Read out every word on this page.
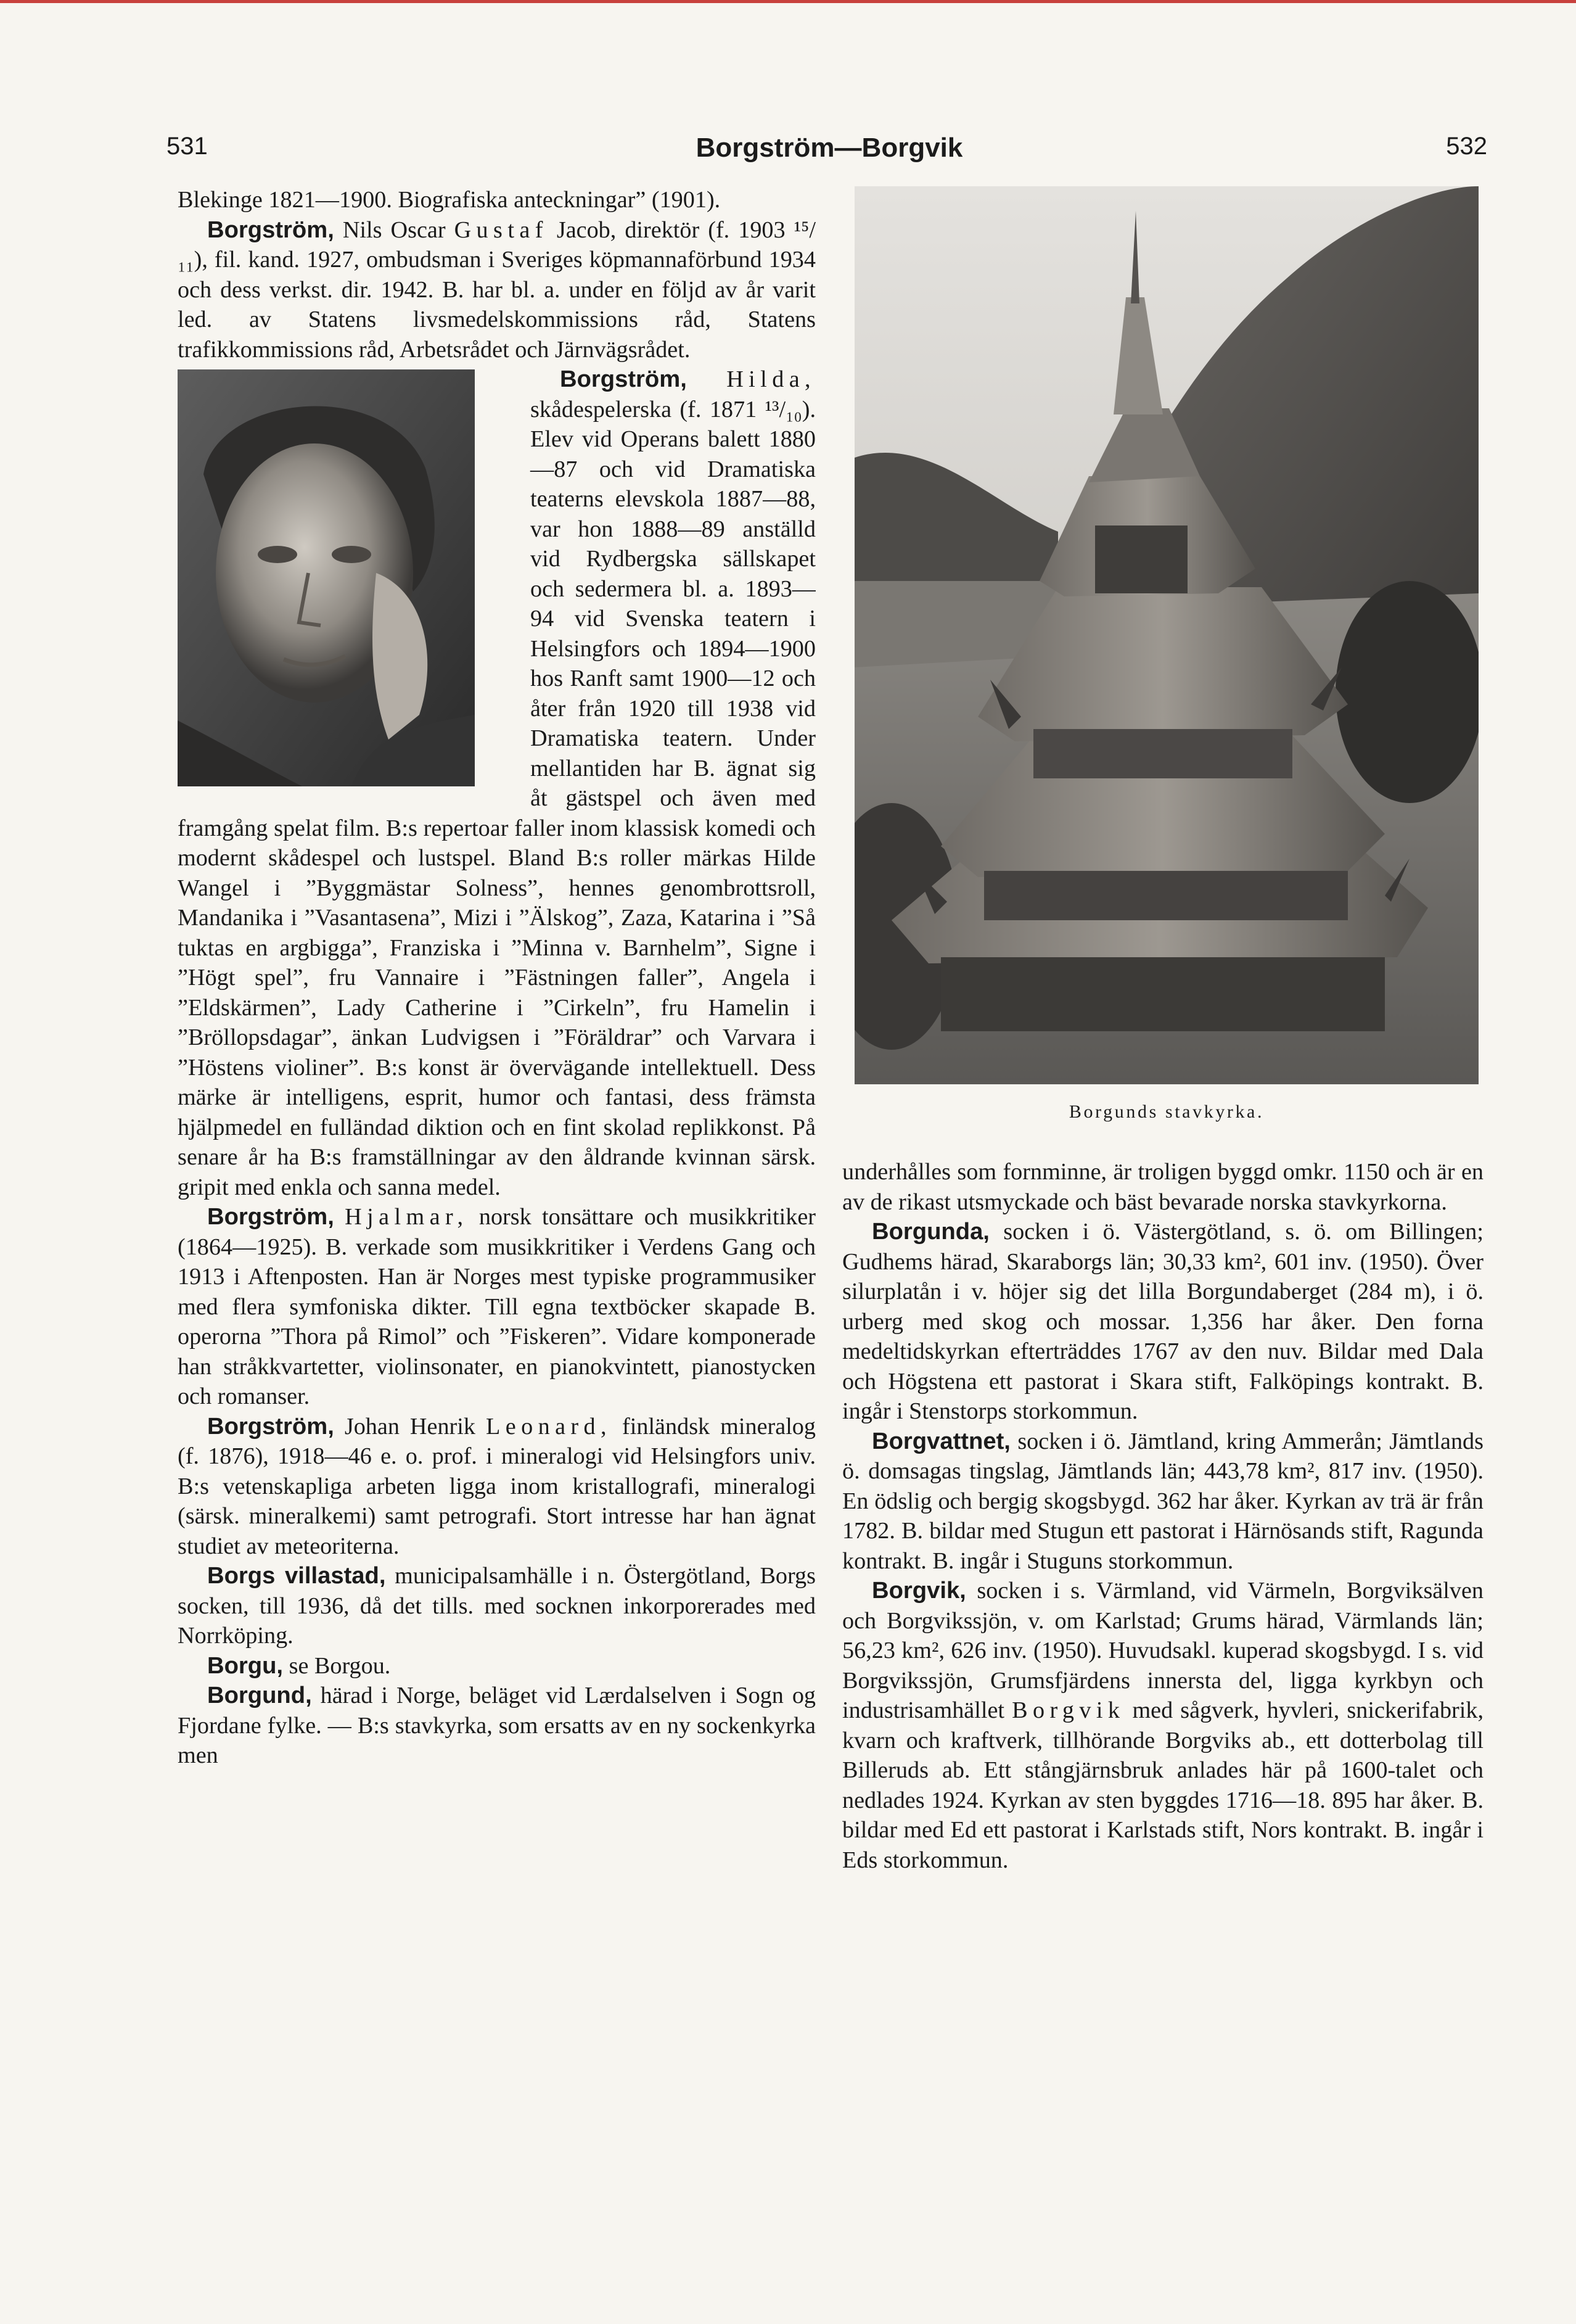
531	Borgström—Borgvik	532

Blekinge 1821—1900. Biografiska anteckningar” (1901).

Borgström, Nils Oscar Gustaf Jacob, direktör (f. 1903 ¹⁵/₁₁), fil. kand. 1927, ombudsman i Sveriges köpmannaförbund 1934 och dess verkst. dir. 1942. B. har bl. a. under en följd av år varit led. av Statens livsmedelskommissions råd, Statens trafikkommissions råd, Arbetsrådet och Järnvägsrådet.

Borgström, Hilda,
skådespelerska (f. 1871 ¹³/₁₀). Elev vid Operans balett 1880—87 och vid Dramatiska teaterns elevskola 1887—88, var hon 1888—89 anställd vid Rydbergska sällskapet och sedermera bl. a. 1893—94 vid Svenska teatern i Helsingfors och 1894—1900 hos Ranft samt 1900—12 och åter från 1920 till 1938 vid Dramatiska teatern. Under mellantiden har B. ägnat sig åt gästspel och även med framgång spelat film. B:s repertoar faller inom klassisk komedi och modernt skådespel och lustspel. Bland B:s roller märkas Hilde Wangel i ”Byggmästar Solness”, hennes genombrottsroll, Mandanika i ”Vasantasena”, Mizi i ”Älskog”, Zaza, Katarina i ”Så tuktas en argbigga”, Franziska i ”Minna v. Barnhelm”, Signe i ”Högt spel”, fru Vannaire i ”Fästningen faller”, Angela i ”Eldskärmen”, Lady Catherine i ”Cirkeln”, fru Hamelin i ”Bröllopsdagar”, änkan Ludvigsen i ”Föräldrar” och Varvara i ”Höstens violiner”. B:s konst är övervägande intellektuell. Dess märke är intelligens, esprit, humor och fantasi, dess främsta hjälpmedel en fulländad diktion och en fint skolad replikkonst. På senare år ha B:s framställningar av den åldrande kvinnan särsk. gripit med enkla och sanna medel.

Borgström, Hjalmar, norsk tonsättare och musikkritiker (1864—1925). B. verkade som musikkritiker i Verdens Gang och 1913 i Aftenposten. Han är Norges mest typiske programmusiker med flera symfoniska dikter. Till egna textböcker skapade B. operorna ”Thora på Rimol” och ”Fiskeren”. Vidare komponerade han stråkkvartetter, violinsonater, en pianokvintett, pianostycken och romanser.

Borgström, Johan Henrik Leonard, finländsk mineralog (f. 1876), 1918—46 e. o. prof. i mineralogi vid Helsingfors univ. B:s vetenskapliga arbeten ligga inom kristallografi, mineralogi (särsk. mineralkemi) samt petrografi. Stort intresse har han ägnat studiet av meteoriterna.

Borgs villastad, municipalsamhälle i n. Östergötland, Borgs socken, till 1936, då det tills. med socknen inkorporerades med Norrköping.

Borgu, se Borgou.

Borgund, härad i Norge, beläget vid Lærdalselven i Sogn og Fjordane fylke. — B:s stavkyrka, som ersatts av en ny sockenkyrka men

Borgunds stavkyrka.

underhålles som fornminne, är troligen byggd omkr. 1150 och är en av de rikast utsmyckade och bäst bevarade norska stavkyrkorna.

Borgunda, socken i ö. Västergötland, s. ö. om Billingen; Gudhems härad, Skaraborgs län; 30,33 km², 601 inv. (1950). Över silurplatån i v. höjer sig det lilla Borgundaberget (284 m), i ö. urberg med skog och mossar. 1,356 har åker. Den forna medeltidskyrkan efterträddes 1767 av den nuv. Bildar med Dala och Högstena ett pastorat i Skara stift, Falköpings kontrakt. B. ingår i Stenstorps storkommun.

Borgvattnet, socken i ö. Jämtland, kring Ammerån; Jämtlands ö. domsagas tingslag, Jämtlands län; 443,78 km², 817 inv. (1950). En ödslig och bergig skogsbygd. 362 har åker. Kyrkan av trä är från 1782. B. bildar med Stugun ett pastorat i Härnösands stift, Ragunda kontrakt. B. ingår i Stuguns storkommun.

Borgvik, socken i s. Värmland, vid Värmeln, Borgviksälven och Borgvikssjön, v. om Karlstad; Grums härad, Värmlands län; 56,23 km², 626 inv. (1950). Huvudsakl. kuperad skogsbygd. I s. vid Borgvikssjön, Grumsfjärdens innersta del, ligga kyrkbyn och industrisamhället Borgvik med sågverk, hyvleri, snickerifabrik, kvarn och kraftverk, tillhörande Borgviks ab., ett dotterbolag till Billeruds ab. Ett stångjärnsbruk anlades här på 1600-talet och nedlades 1924. Kyrkan av sten byggdes 1716—18. 895 har åker. B. bildar med Ed ett pastorat i Karlstads stift, Nors kontrakt. B. ingår i Eds storkommun.
